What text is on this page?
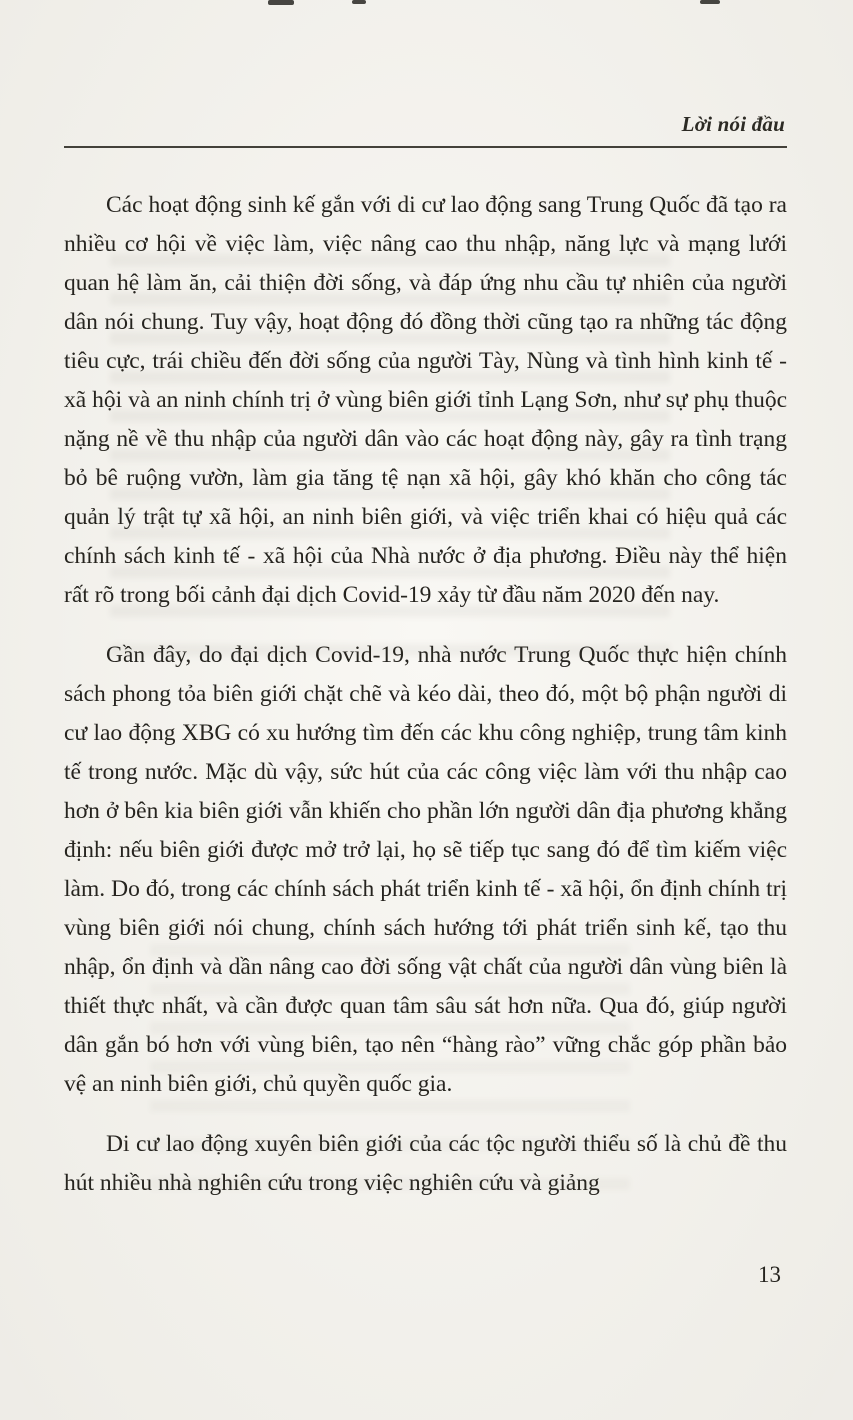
Lời nói đầu

Các hoạt động sinh kế gắn với di cư lao động sang Trung Quốc đã tạo ra nhiều cơ hội về việc làm, việc nâng cao thu nhập, năng lực và mạng lưới quan hệ làm ăn, cải thiện đời sống, và đáp ứng nhu cầu tự nhiên của người dân nói chung. Tuy vậy, hoạt động đó đồng thời cũng tạo ra những tác động tiêu cực, trái chiều đến đời sống của người Tày, Nùng và tình hình kinh tế - xã hội và an ninh chính trị ở vùng biên giới tỉnh Lạng Sơn, như sự phụ thuộc nặng nề về thu nhập của người dân vào các hoạt động này, gây ra tình trạng bỏ bê ruộng vườn, làm gia tăng tệ nạn xã hội, gây khó khăn cho công tác quản lý trật tự xã hội, an ninh biên giới, và việc triển khai có hiệu quả các chính sách kinh tế - xã hội của Nhà nước ở địa phương. Điều này thể hiện rất rõ trong bối cảnh đại dịch Covid-19 xảy từ đầu năm 2020 đến nay.

Gần đây, do đại dịch Covid-19, nhà nước Trung Quốc thực hiện chính sách phong tỏa biên giới chặt chẽ và kéo dài, theo đó, một bộ phận người di cư lao động XBG có xu hướng tìm đến các khu công nghiệp, trung tâm kinh tế trong nước. Mặc dù vậy, sức hút của các công việc làm với thu nhập cao hơn ở bên kia biên giới vẫn khiến cho phần lớn người dân địa phương khẳng định: nếu biên giới được mở trở lại, họ sẽ tiếp tục sang đó để tìm kiếm việc làm. Do đó, trong các chính sách phát triển kinh tế - xã hội, ổn định chính trị vùng biên giới nói chung, chính sách hướng tới phát triển sinh kế, tạo thu nhập, ổn định và dần nâng cao đời sống vật chất của người dân vùng biên là thiết thực nhất, và cần được quan tâm sâu sát hơn nữa. Qua đó, giúp người dân gắn bó hơn với vùng biên, tạo nên “hàng rào” vững chắc góp phần bảo vệ an ninh biên giới, chủ quyền quốc gia.

Di cư lao động xuyên biên giới của các tộc người thiểu số là chủ đề thu hút nhiều nhà nghiên cứu trong việc nghiên cứu và giảng

13
